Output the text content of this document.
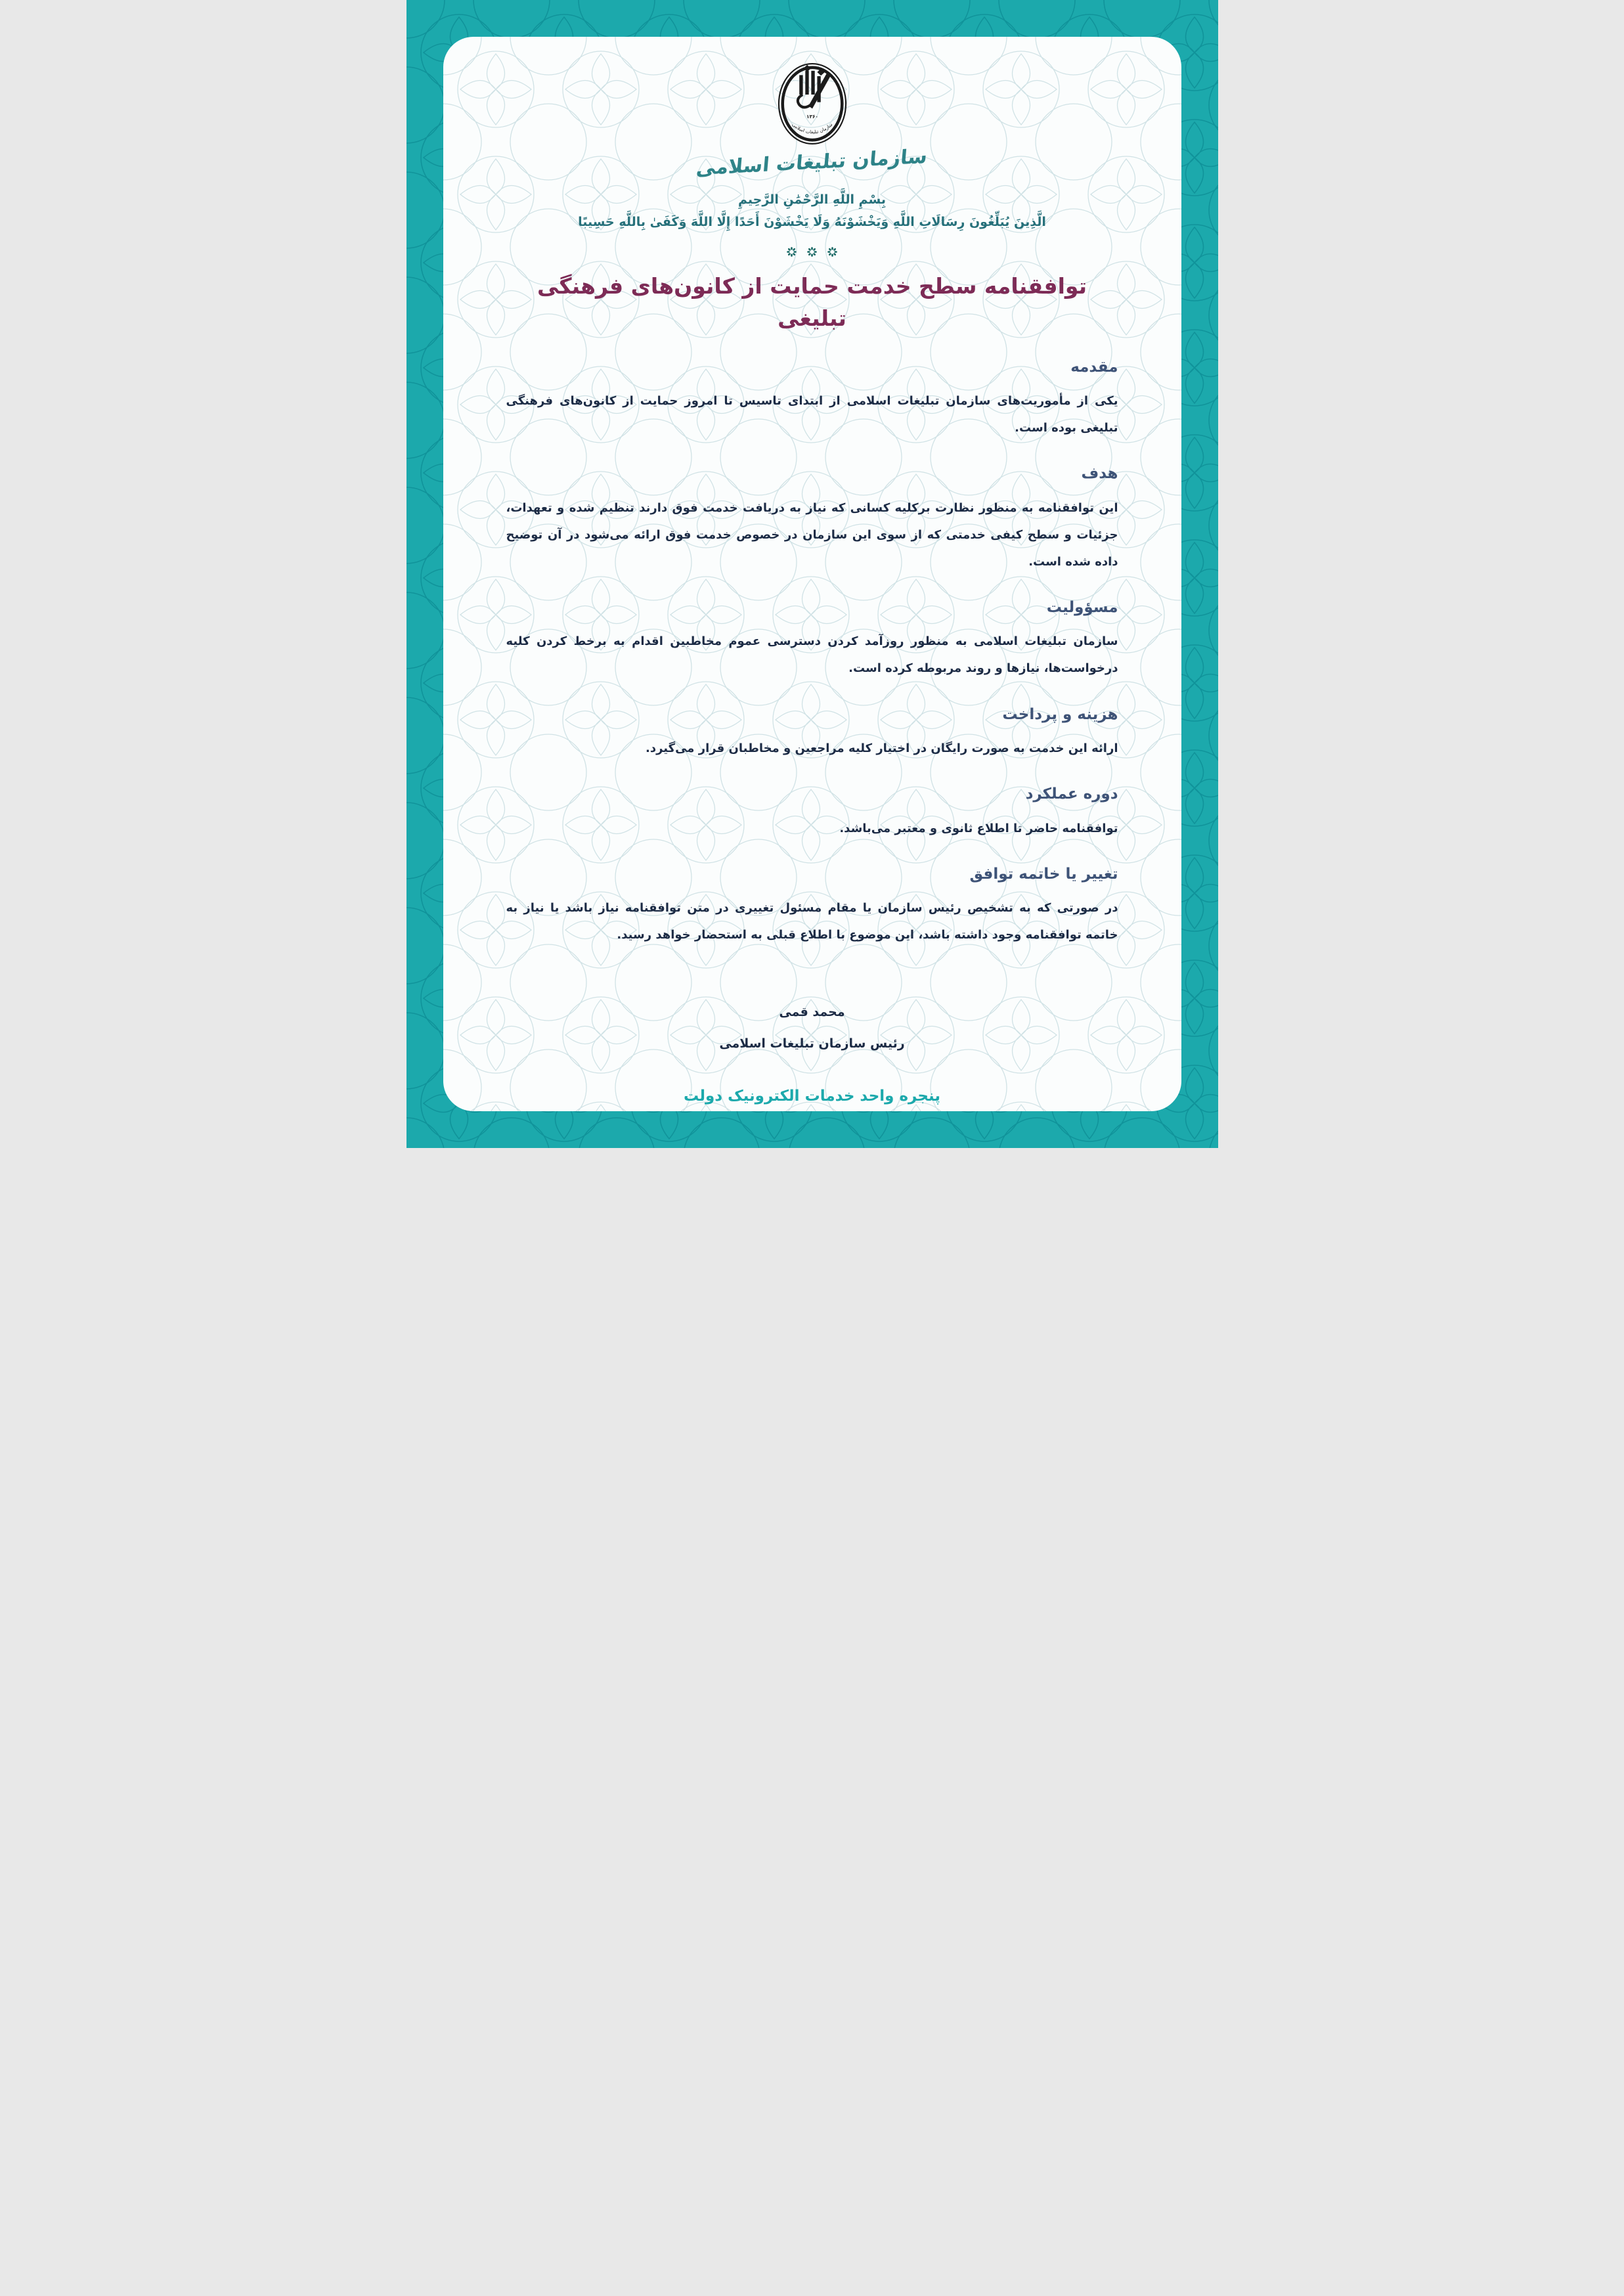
۱۳۶۰
سازمان تبلیغات اسلامی
سازمان تبلیغات اسلامی
بِسْمِ اللَّهِ الرَّحْمَٰنِ الرَّحِيمِ
الَّذِينَ يُبَلِّغُونَ رِسَالَاتِ اللَّهِ وَيَخْشَوْنَهُ وَلَا يَخْشَوْنَ أَحَدًا إِلَّا اللَّهَ وَكَفَىٰ بِاللَّهِ حَسِيبًا
توافقنامه سطح خدمت حمایت از کانون‌های فرهنگی تبلیغی
مقدمه

یکی از مأموریت‌های سازمان تبلیغات اسلامی از ابتدای تاسیس تا امروز حمایت از کانون‌های فرهنگی تبلیغی بوده است.

هدف

این توافقنامه به منظور نظارت برکلیه کسانی که نیاز به دریافت خدمت فوق دارند تنظیم شده و تعهدات، جزئیات و سطح کیفی خدمتی که از سوی این سازمان در خصوص خدمت فوق ارائه می‌شود در آن توضیح داده شده است.

مسؤولیت

سازمان تبلیغات اسلامی به منظور روزآمد کردن دسترسی عموم مخاطبین اقدام به برخط کردن کلیه درخواست‌ها، نیازها و روند مربوطه کرده است.

هزینه و پرداخت

ارائه این خدمت به صورت رایگان در اختیار کلیه مراجعین و مخاطبان قرار می‌گیرد.

دوره عملکرد

توافقنامه حاضر تا اطلاع ثانوی و معتبر می‌باشد.

تغییر یا خاتمه توافق

در صورتی که به تشخیص رئیس سازمان یا مقام مسئول تغییری در متن توافقنامه نیاز باشد یا نیاز به خاتمه توافقنامه وجود داشته باشد، این موضوع با اطلاع قبلی به استحضار خواهد رسید.

محمد قمی
رئیس سازمان تبلیغات اسلامی
پنجره واحد خدمات الکترونیک دولت
